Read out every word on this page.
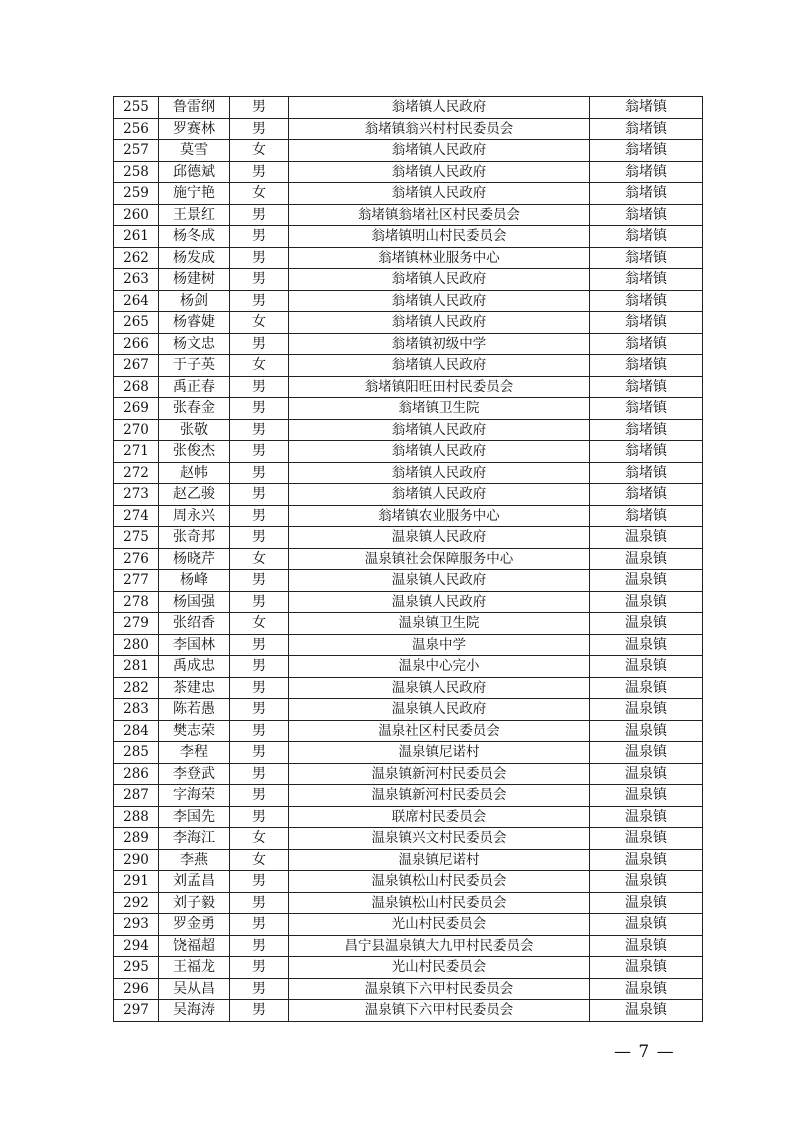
255	鲁雷纲	男	翁堵镇人民政府	翁堵镇
256	罗赛林	男	翁堵镇翁兴村村民委员会	翁堵镇
257	莫雪	女	翁堵镇人民政府	翁堵镇
258	邱德斌	男	翁堵镇人民政府	翁堵镇
259	施宁艳	女	翁堵镇人民政府	翁堵镇
260	王景红	男	翁堵镇翁堵社区村民委员会	翁堵镇
261	杨冬成	男	翁堵镇明山村民委员会	翁堵镇
262	杨发成	男	翁堵镇林业服务中心	翁堵镇
263	杨建树	男	翁堵镇人民政府	翁堵镇
264	杨剑	男	翁堵镇人民政府	翁堵镇
265	杨睿婕	女	翁堵镇人民政府	翁堵镇
266	杨文忠	男	翁堵镇初级中学	翁堵镇
267	于子英	女	翁堵镇人民政府	翁堵镇
268	禹正春	男	翁堵镇阳旺田村民委员会	翁堵镇
269	张春金	男	翁堵镇卫生院	翁堵镇
270	张敬	男	翁堵镇人民政府	翁堵镇
271	张俊杰	男	翁堵镇人民政府	翁堵镇
272	赵帏	男	翁堵镇人民政府	翁堵镇
273	赵乙骏	男	翁堵镇人民政府	翁堵镇
274	周永兴	男	翁堵镇农业服务中心	翁堵镇
275	张奇邦	男	温泉镇人民政府	温泉镇
276	杨晓芹	女	温泉镇社会保障服务中心	温泉镇
277	杨峰	男	温泉镇人民政府	温泉镇
278	杨国强	男	温泉镇人民政府	温泉镇
279	张绍香	女	温泉镇卫生院	温泉镇
280	李国林	男	温泉中学	温泉镇
281	禹成忠	男	温泉中心完小	温泉镇
282	茶建忠	男	温泉镇人民政府	温泉镇
283	陈若愚	男	温泉镇人民政府	温泉镇
284	樊志荣	男	温泉社区村民委员会	温泉镇
285	李程	男	温泉镇尼诺村	温泉镇
286	李登武	男	温泉镇新河村民委员会	温泉镇
287	字海荣	男	温泉镇新河村民委员会	温泉镇
288	李国先	男	联席村民委员会	温泉镇
289	李海江	女	温泉镇兴文村民委员会	温泉镇
290	李燕	女	温泉镇尼诺村	温泉镇
291	刘孟昌	男	温泉镇松山村民委员会	温泉镇
292	刘子毅	男	温泉镇松山村民委员会	温泉镇
293	罗金勇	男	光山村民委员会	温泉镇
294	饶福超	男	昌宁县温泉镇大九甲村民委员会	温泉镇
295	王福龙	男	光山村民委员会	温泉镇
296	吴从昌	男	温泉镇下六甲村民委员会	温泉镇
297	吴海涛	男	温泉镇下六甲村民委员会	温泉镇
— 7 —
